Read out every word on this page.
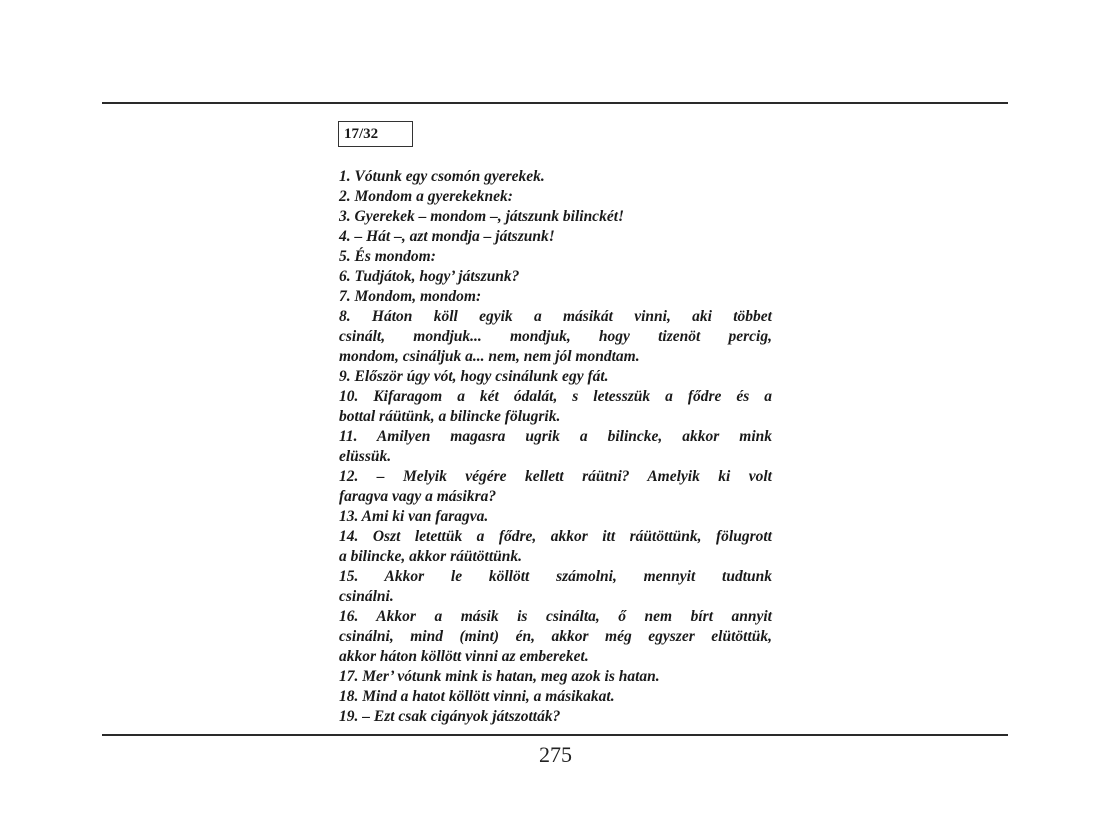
17/32
1. Vótunk egy csomón gyerekek.
2. Mondom a gyerekeknek:
3. Gyerekek – mondom –, játszunk bilinckét!
4. – Hát –, azt mondja – játszunk!
5. És mondom:
6. Tudjátok, hogy’ játszunk?
7. Mondom, mondom:
8. Háton köll egyik a másikát vinni, aki többet
csinált, mondjuk... mondjuk, hogy tizenöt percig,
mondom, csináljuk a... nem, nem jól mondtam.
9. Először úgy vót, hogy csinálunk egy fát.
10. Kifaragom a két ódalát, s letesszük a fődre és a
bottal ráütünk, a bilincke fölugrik.
11. Amilyen magasra ugrik a bilincke, akkor mink
elüssük.
12. – Melyik végére kellett ráütni? Amelyik ki volt
faragva vagy a másikra?
13. Ami ki van faragva.
14. Oszt letettük a fődre, akkor itt ráütöttünk, fölugrott
a bilincke, akkor ráütöttünk.
15. Akkor le köllött számolni, mennyit tudtunk
csinálni.
16. Akkor a másik is csinálta, ő nem bírt annyit
csinálni, mind (mint) én, akkor még egyszer elütöttük,
akkor háton köllött vinni az embereket.
17. Mer’ vótunk mink is hatan, meg azok is hatan.
18. Mind a hatot köllött vinni, a másikakat.
19. – Ezt csak cigányok játszották?
275
